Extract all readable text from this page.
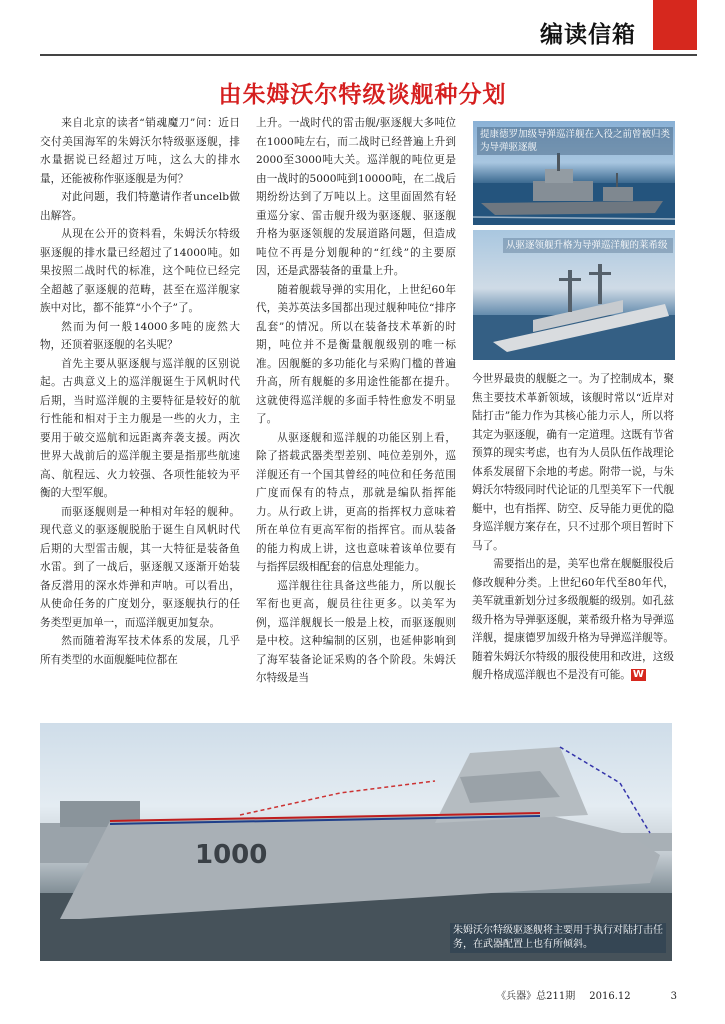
编读信箱
由朱姆沃尔特级谈舰种分划

来自北京的读者“销魂魔刀”问：近日交付美国海军的朱姆沃尔特级驱逐舰，排水量据说已经超过万吨，这么大的排水量，还能被称作驱逐舰是为何？

对此问题，我们特邀请作者uncelb做出解答。

从现在公开的资料看，朱姆沃尔特级驱逐舰的排水量已经超过了14000吨。如果按照二战时代的标准，这个吨位已经完全超越了驱逐舰的范畴，甚至在巡洋舰家族中对比，都不能算“小个子”了。

然而为何一般14000多吨的庞然大物，还顶着驱逐舰的名头呢？

首先主要从驱逐舰与巡洋舰的区别说起。古典意义上的巡洋舰诞生于风帆时代后期，当时巡洋舰的主要特征是较好的航行性能和相对于主力舰是一些的火力，主要用于破交巡航和远距离奔袭支援。两次世界大战前后的巡洋舰主要是指那些航速高、航程远、火力较强、各项性能较为平衡的大型军舰。

而驱逐舰则是一种相对年轻的舰种。现代意义的驱逐舰脱胎于诞生自风帆时代后期的大型雷击舰，其一大特征是装备鱼水雷。到了一战后，驱逐舰又逐渐开始装备反潜用的深水炸弹和声呐。可以看出，从使命任务的广度划分，驱逐舰执行的任务类型更加单一，而巡洋舰更加复杂。

然而随着海军技术体系的发展，几乎所有类型的水面舰艇吨位都在

上升。一战时代的雷击舰/驱逐舰大多吨位在1000吨左右，而二战时已经普遍上升到2000至3000吨大关。巡洋舰的吨位更是由一战时的5000吨到10000吨，在二战后期纷纷达到了万吨以上。这里面固然有轻重巡分家、雷击舰升级为驱逐舰、驱逐舰升格为驱逐领舰的发展道路问题，但造成吨位不再是分划舰种的“红线”的主要原因，还是武器装备的重量上升。

随着舰载导弹的实用化，上世纪60年代，美苏英法多国都出现过舰种吨位“排序乱套”的情况。所以在装备技术革新的时期，吨位并不是衡量舰舰级别的唯一标准。因舰艇的多功能化与采购门槛的普遍升高，所有舰艇的多用途性能都在提升。这就使得巡洋舰的多面手特性愈发不明显了。

从驱逐舰和巡洋舰的功能区别上看，除了搭载武器类型差别、吨位差别外，巡洋舰还有一个国其曾经的吨位和任务范围广度而保有的特点，那就是编队指挥能力。从行政上讲，更高的指挥权力意味着所在单位有更高军衔的指挥官。而从装备的能力构成上讲，这也意味着该单位要有与指挥层级相配套的信息处理能力。

巡洋舰往往具备这些能力，所以舰长军衔也更高，舰员往往更多。以美军为例，巡洋舰舰长一般是上校，而驱逐舰则是中校。这种编制的区别，也延伸影响到了海军装备论证采购的各个阶段。朱姆沃尔特级是当

今世界最贵的舰艇之一。为了控制成本，聚焦主要技术革新领域，该舰时常以“近岸对陆打击”能力作为其核心能力示人，所以将其定为驱逐舰，确有一定道理。这既有节省预算的现实考虑，也有为人员队伍作战理论体系发展留下余地的考虑。附带一说，与朱姆沃尔特级同时代论证的几型美军下一代舰艇中，也有指挥、防空、反导能力更优的隐身巡洋舰方案存在，只不过那个项目暂时下马了。

需要指出的是，美军也常在舰艇服役后修改舰种分类。上世纪60年代至80年代，美军就重新划分过多级舰艇的级别。如孔兹级升格为导弹驱逐舰，莱希级升格为导弹巡洋舰，提康德罗加级升格为导弹巡洋舰等。随着朱姆沃尔特级的服役使用和改进，这级舰升格成巡洋舰也不是没有可能。 W

提康德罗加级导弹巡洋舰在入役之前曾被归类为导弹驱逐舰
从驱逐领舰升格为导弹巡洋舰的莱希级
1000
朱姆沃尔特级驱逐舰将主要用于执行对陆打击任务，在武器配置上也有所倾斜。
《兵器》总211期 2016.12	3
